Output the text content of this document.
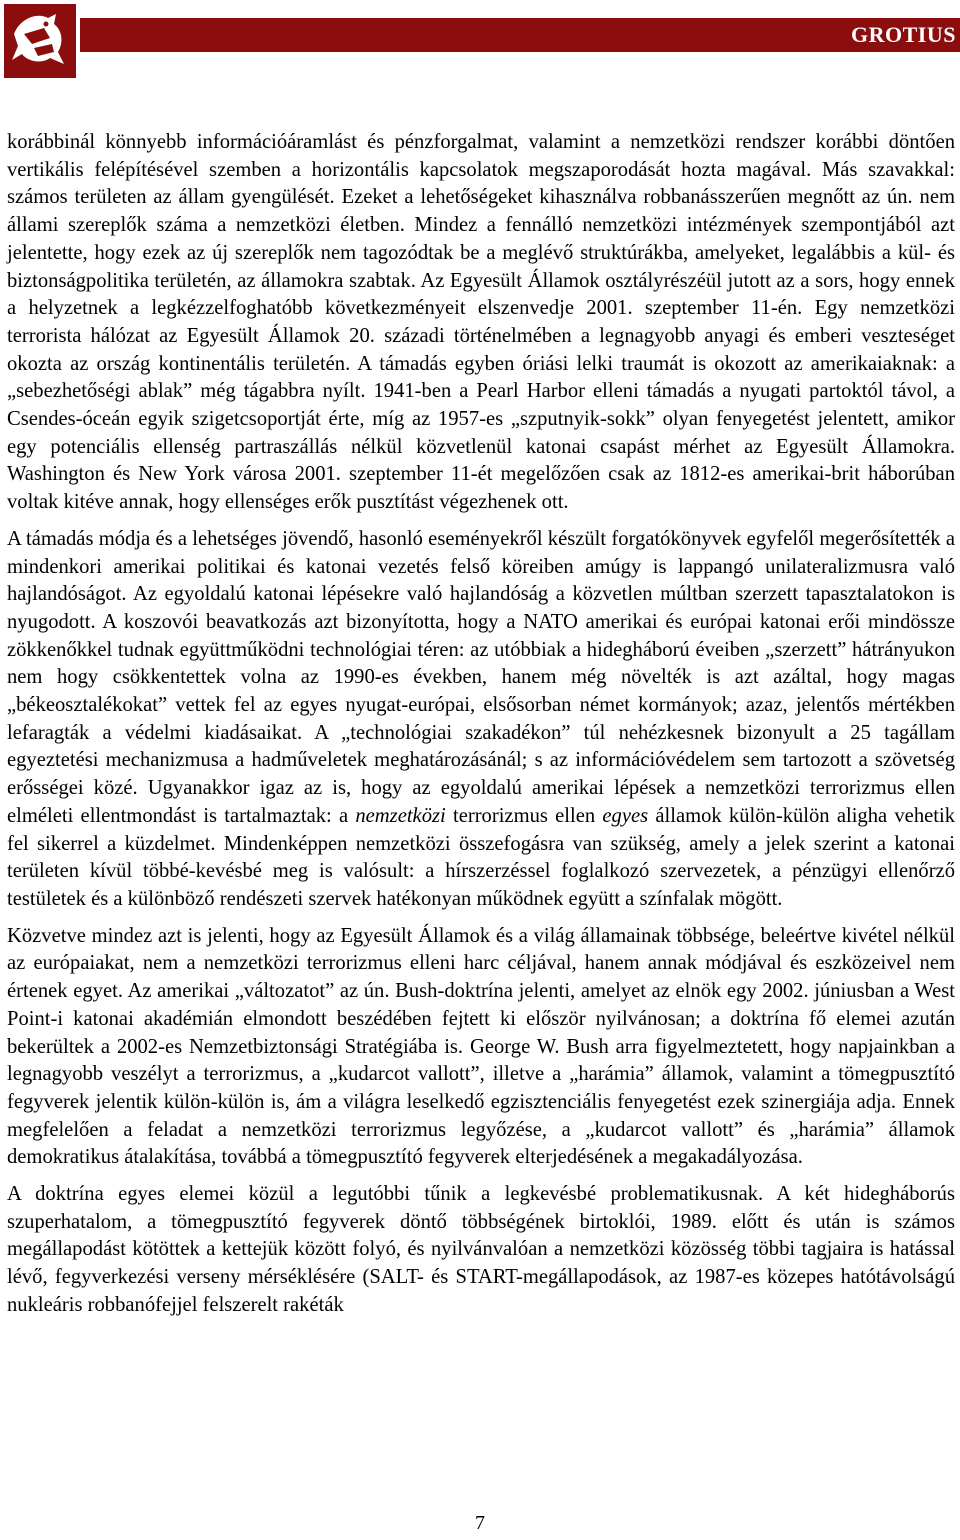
GROTIUS

korábbinál könnyebb információáramlást és pénzforgalmat, valamint a nemzetközi rendszer korábbi döntően vertikális felépítésével szemben a horizontális kapcsolatok megszaporodását hozta magával. Más szavakkal: számos területen az állam gyengülését. Ezeket a lehetőségeket kihasználva robbanásszerűen megnőtt az ún. nem állami szereplők száma a nemzetközi életben. Mindez a fennálló nemzetközi intézmények szempontjából azt jelentette, hogy ezek az új szereplők nem tagozódtak be a meglévő struktúrákba, amelyeket, legalábbis a kül- és biztonságpolitika területén, az államokra szabtak. Az Egyesült Államok osztályrészéül jutott az a sors, hogy ennek a helyzetnek a legkézzelfoghatóbb következményeit elszenvedje 2001. szeptember 11-én. Egy nemzetközi terrorista hálózat az Egyesült Államok 20. századi történelmében a legnagyobb anyagi és emberi veszteséget okozta az ország kontinentális területén. A támadás egyben óriási lelki traumát is okozott az amerikaiaknak: a „sebezhetőségi ablak” még tágabbra nyílt. 1941-ben a Pearl Harbor elleni támadás a nyugati partoktól távol, a Csendes-óceán egyik szigetcsoportját érte, míg az 1957-es „szputnyik-sokk” olyan fenyegetést jelentett, amikor egy potenciális ellenség partraszállás nélkül közvetlenül katonai csapást mérhet az Egyesült Államokra. Washington és New York városa 2001. szeptember 11-ét megelőzően csak az 1812-es amerikai-brit háborúban voltak kitéve annak, hogy ellenséges erők pusztítást végezhenek ott.

A támadás módja és a lehetséges jövendő, hasonló eseményekről készült forgatókönyvek egyfelől megerősítették a mindenkori amerikai politikai és katonai vezetés felső köreiben amúgy is lappangó unilateralizmusra való hajlandóságot. Az egyoldalú katonai lépésekre való hajlandóság a közvetlen múltban szerzett tapasztalatokon is nyugodott. A koszovói beavatkozás azt bizonyította, hogy a NATO amerikai és európai katonai erői mindössze zökkenőkkel tudnak együttműködni technológiai téren: az utóbbiak a hidegháború éveiben „szerzett” hátrányukon nem hogy csökkentettek volna az 1990-es években, hanem még növelték is azt azáltal, hogy magas „békeosztalékokat” vettek fel az egyes nyugat-európai, elsősorban német kormányok; azaz, jelentős mértékben lefaragták a védelmi kiadásaikat. A „technológiai szakadékon” túl nehézkesnek bizonyult a 25 tagállam egyeztetési mechanizmusa a hadműveletek meghatározásánál; s az információvédelem sem tartozott a szövetség erősségei közé. Ugyanakkor igaz az is, hogy az egyoldalú amerikai lépések a nemzetközi terrorizmus ellen elméleti ellentmondást is tartalmaztak: a nemzetközi terrorizmus ellen egyes államok külön-külön aligha vehetik fel sikerrel a küzdelmet. Mindenképpen nemzetközi összefogásra van szükség, amely a jelek szerint a katonai területen kívül többé-kevésbé meg is valósult: a hírszerzéssel foglalkozó szervezetek, a pénzügyi ellenőrző testületek és a különböző rendészeti szervek hatékonyan működnek együtt a színfalak mögött.

Közvetve mindez azt is jelenti, hogy az Egyesült Államok és a világ államainak többsége, beleértve kivétel nélkül az európaiakat, nem a nemzetközi terrorizmus elleni harc céljával, hanem annak módjával és eszközeivel nem értenek egyet. Az amerikai „változatot” az ún. Bush-doktrína jelenti, amelyet az elnök egy 2002. júniusban a West Point-i katonai akadémián elmondott beszédében fejtett ki először nyilvánosan; a doktrína fő elemei azután bekerültek a 2002-es Nemzetbiztonsági Stratégiába is. George W. Bush arra figyelmeztetett, hogy napjainkban a legnagyobb veszélyt a terrorizmus, a „kudarcot vallott”, illetve a „harámia” államok, valamint a tömegpusztító fegyverek jelentik külön-külön is, ám a világra leselkedő egzisztenciális fenyegetést ezek szinergiája adja. Ennek megfelelően a feladat a nemzetközi terrorizmus legyőzése, a „kudarcot vallott” és „harámia” államok demokratikus átalakítása, továbbá a tömegpusztító fegyverek elterjedésének a megakadályozása.

A doktrína egyes elemei közül a legutóbbi tűnik a legkevésbé problematikusnak. A két hidegháborús szuperhatalom, a tömegpusztító fegyverek döntő többségének birtoklói, 1989. előtt és után is számos megállapodást kötöttek a kettejük között folyó, és nyilvánvalóan a nemzetközi közösség többi tagjaira is hatással lévő, fegyverkezési verseny mérséklésére (SALT- és START-megállapodások, az 1987-es közepes hatótávolságú nukleáris robbanófejjel felszerelt rakéták

7
